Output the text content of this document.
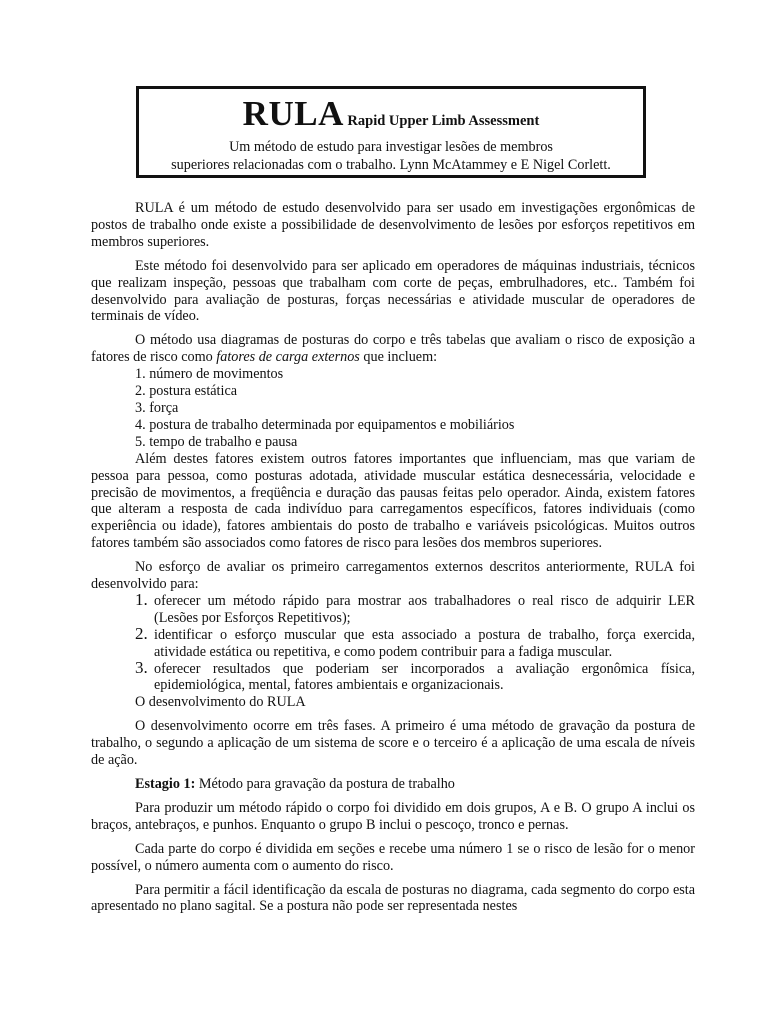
RULA Rapid Upper Limb Assessment
Um método de estudo para investigar lesões de membros
superiores relacionadas com o trabalho. Lynn McAtammey e E Nigel Corlett.

RULA é um método de estudo desenvolvido para ser usado em investigações ergonômicas de postos de trabalho onde existe a possibilidade de desenvolvimento de lesões por esforços repetitivos em membros superiores.

Este método foi desenvolvido para ser aplicado em operadores de máquinas industriais, técnicos que realizam inspeção, pessoas que trabalham com corte de peças, embrulhadores, etc.. Também foi desenvolvido para avaliação de posturas, forças necessárias e atividade muscular de operadores de terminais de vídeo.

O método usa diagramas de posturas do corpo e três tabelas que avaliam o risco de exposição a fatores de risco como fatores de carga externos que incluem:

1. número de movimentos
2. postura estática
3. força
4. postura de trabalho determinada por equipamentos e mobiliários
5. tempo de trabalho e pausa

Além destes fatores existem outros fatores importantes que influenciam, mas que variam de pessoa para pessoa, como posturas adotada, atividade muscular estática desnecessária, velocidade e precisão de movimentos, a freqüência e duração das pausas feitas pelo operador. Ainda, existem fatores que alteram a resposta de cada indivíduo para carregamentos específicos, fatores individuais (como experiência ou idade), fatores ambientais do posto de trabalho e variáveis psicológicas. Muitos outros fatores também são associados como fatores de risco para lesões dos membros superiores.

No esforço de avaliar os primeiro carregamentos externos descritos anteriormente, RULA foi desenvolvido para:

1. oferecer um método rápido para mostrar aos trabalhadores o real risco de adquirir LER (Lesões por Esforços Repetitivos);
2. identificar o esforço muscular que esta associado a postura de trabalho, força exercida, atividade estática ou repetitiva, e como podem contribuir para a fadiga muscular.
3. oferecer resultados que poderiam ser incorporados a avaliação ergonômica física, epidemiológica, mental, fatores ambientais e organizacionais.
O desenvolvimento do RULA

O desenvolvimento ocorre em três fases. A primeiro é uma método de gravação da postura de trabalho, o segundo a aplicação de um sistema de score e o terceiro é a aplicação de uma escala de níveis de ação.

Estagio 1: Método para gravação da postura de trabalho

Para produzir um método rápido o corpo foi dividido em dois grupos, A e B. O grupo A inclui os braços, antebraços, e punhos. Enquanto o grupo B inclui o pescoço, tronco e pernas.

Cada parte do corpo é dividida em seções e recebe uma número 1 se o risco de lesão for o menor possível, o número aumenta com o aumento do risco.

Para permitir a fácil identificação da escala de posturas no diagrama, cada segmento do corpo esta apresentado no plano sagital. Se a postura não pode ser representada nestes
